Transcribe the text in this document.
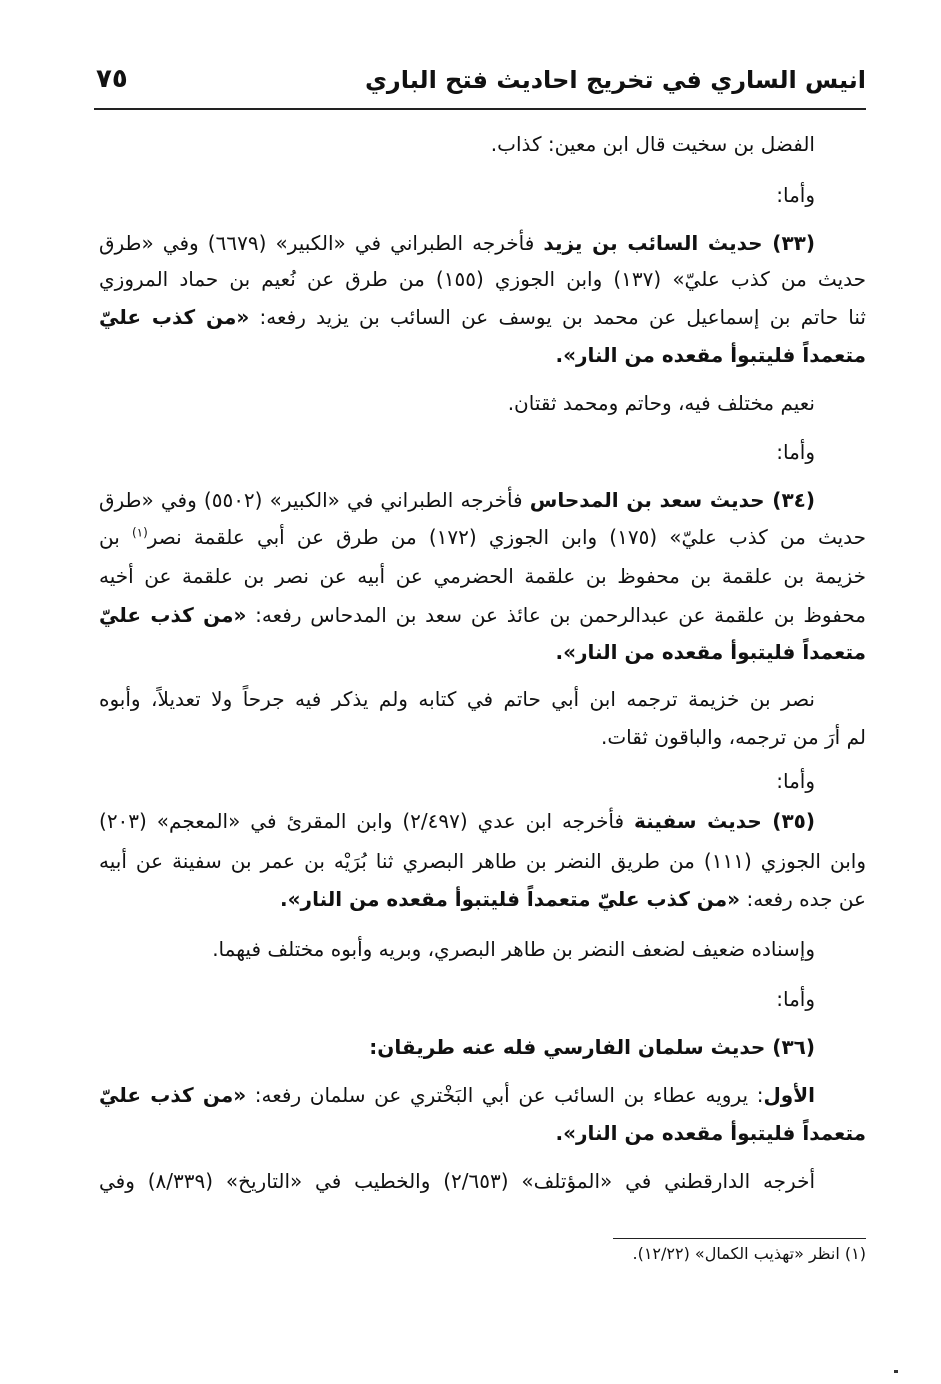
٧٥	انيس الساري في تخريج احاديث فتح الباري
الفضل بن سخيت قال ابن معين: كذاب.
وأما:
(٣٣) حديث السائب بن يزيد فأخرجه الطبراني في «الكبير» (٦٦٧٩) وفي «طرق
حديث من كذب عليّ» (١٣٧) وابن الجوزي (١٥٥) من طرق عن نُعيم بن حماد المروزي
ثنا حاتم بن إسماعيل عن محمد بن يوسف عن السائب بن يزيد رفعه: «من كذب عليّ
متعمداً فليتبوأ مقعده من النار».
نعيم مختلف فيه، وحاتم ومحمد ثقتان.
وأما:
(٣٤) حديث سعد بن المدحاس فأخرجه الطبراني في «الكبير» (٥٥٠٢) وفي «طرق
حديث من كذب عليّ» (١٧٥) وابن الجوزي (١٧٢) من طرق عن أبي علقمة نصر$^{(١)}$ بن
خزيمة بن علقمة بن محفوظ بن علقمة الحضرمي عن أبيه عن نصر بن علقمة عن أخيه
محفوظ بن علقمة عن عبدالرحمن بن عائذ عن سعد بن المدحاس رفعه: «من كذب عليّ
متعمداً فليتبوأ مقعده من النار».
نصر بن خزيمة ترجمه ابن أبي حاتم في كتابه ولم يذكر فيه جرحاً ولا تعديلاً، وأبوه
لم أرَ من ترجمه، والباقون ثقات.
وأما:
(٣٥) حديث سفينة فأخرجه ابن عدي (٢/٤٩٧) وابن المقرئ في «المعجم» (٢٠٣)
وابن الجوزي (١١١) من طريق النضر بن طاهر البصري ثنا بُرَيْه بن عمر بن سفينة عن أبيه
عن جده رفعه: «من كذب عليّ متعمداً فليتبوأ مقعده من النار».
وإسناده ضعيف لضعف النضر بن طاهر البصري، وبريه وأبوه مختلف فيهما.
وأما:
(٣٦) حديث سلمان الفارسي فله عنه طريقان:
الأول: يرويه عطاء بن السائب عن أبي البَخْتري عن سلمان رفعه: «من كذب عليّ
متعمداً فليتبوأ مقعده من النار».
أخرجه الدارقطني في «المؤتلف» (٢/٦٥٣) والخطيب في «التاريخ» (٨/٣٣٩) وفي
(١) انظر «تهذيب الكمال» (١٢/٢٢).
